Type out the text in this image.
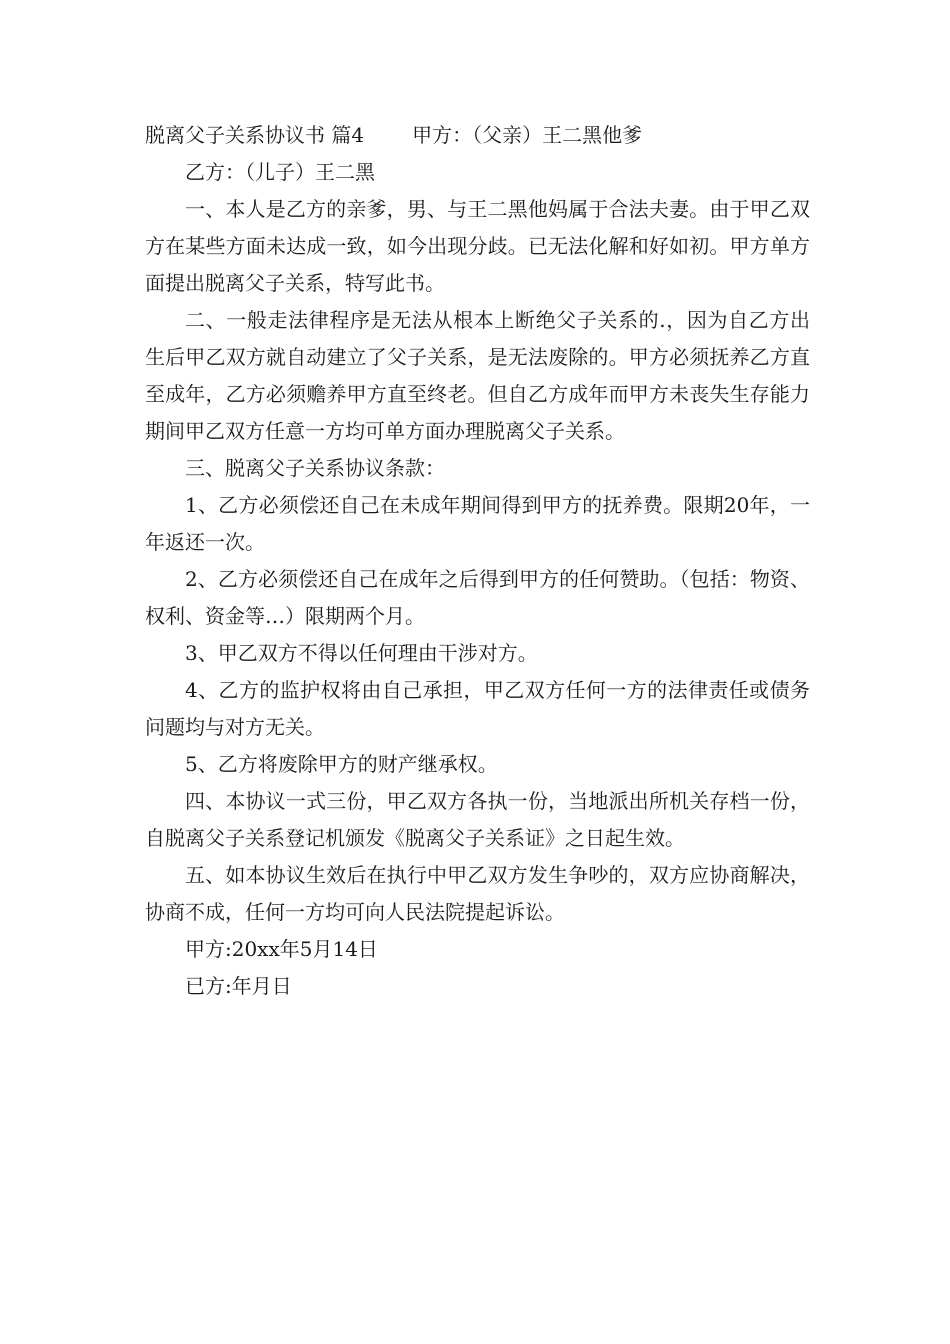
脱离父子关系协议书 篇4 甲方：（父亲）王二黑他爹

乙方：（儿子）王二黑

一、本人是乙方的亲爹，男、与王二黑他妈属于合法夫妻。由于甲乙双方在某些方面未达成一致，如今出现分歧。已无法化解和好如初。甲方单方面提出脱离父子关系，特写此书。

二、一般走法律程序是无法从根本上断绝父子关系的.，因为自乙方出生后甲乙双方就自动建立了父子关系，是无法废除的。甲方必须抚养乙方直至成年，乙方必须赡养甲方直至终老。但自乙方成年而甲方未丧失生存能力期间甲乙双方任意一方均可单方面办理脱离父子关系。

三、脱离父子关系协议条款：

1、乙方必须偿还自己在未成年期间得到甲方的抚养费。限期20年，一年返还一次。

2、乙方必须偿还自己在成年之后得到甲方的任何赞助。（包括：物资、权利、资金等…）限期两个月。

3、甲乙双方不得以任何理由干涉对方。

4、乙方的监护权将由自己承担，甲乙双方任何一方的法律责任或债务问题均与对方无关。

5、乙方将废除甲方的财产继承权。

四、本协议一式三份，甲乙双方各执一份，当地派出所机关存档一份，自脱离父子关系登记机颁发《脱离父子关系证》之日起生效。

五、如本协议生效后在执行中甲乙双方发生争吵的，双方应协商解决，协商不成，任何一方均可向人民法院提起诉讼。

甲方:20xx年5月14日

已方:年月日
